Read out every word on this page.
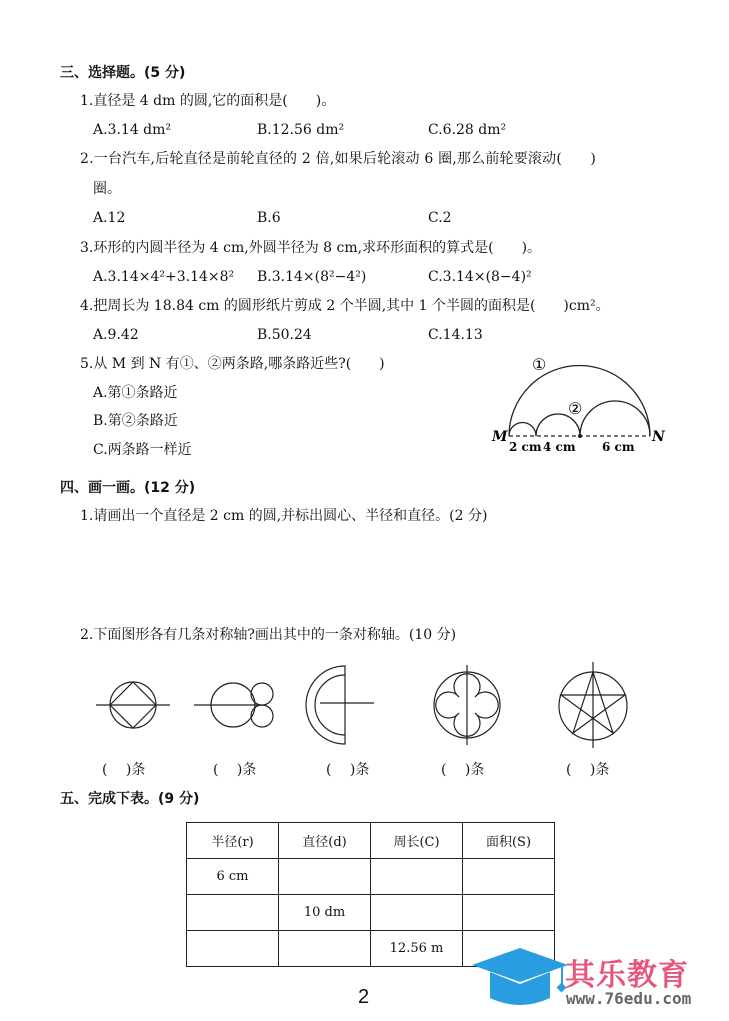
三、选择题。(5 分)
1.直径是 4 dm 的圆,它的面积是(　　)。
A.3.14 dm²	B.12.56 dm²	C.6.28 dm²
2.一台汽车,后轮直径是前轮直径的 2 倍,如果后轮滚动 6 圈,那么前轮要滚动(　　)
圈。
A.12	B.6	C.2
3.环形的内圆半径为 4 cm,外圆半径为 8 cm,求环形面积的算式是(　　)。
A.3.14×4²+3.14×8² B.3.14×(8²−4²)	C.3.14×(8−4)²
4.把周长为 18.84 cm 的圆形纸片剪成 2 个半圆,其中 1 个半圆的面积是(　　)cm²。
A.9.42	B.50.24	C.14.13
5.从 M 到 N 有①、②两条路,哪条路近些?(　　)
A.第①条路近
B.第②条路近
C.两条路一样近
①
②
M	N
2 cm 4 cm 6 cm
四、画一画。(12 分)
1.请画出一个直径是 2 cm 的圆,并标出圆心、半径和直径。(2 分)
2.下面图形各有几条对称轴?画出其中的一条对称轴。(10 分)
(　 )条	(　 )条	(　 )条	(　 )条	(　 )条
五、完成下表。(9 分)
半径(r)	直径(d)	周长(C)	面积(S)
6 cm			
	10 dm		
		12.56 m	
2
其乐教育
www.76edu.com
